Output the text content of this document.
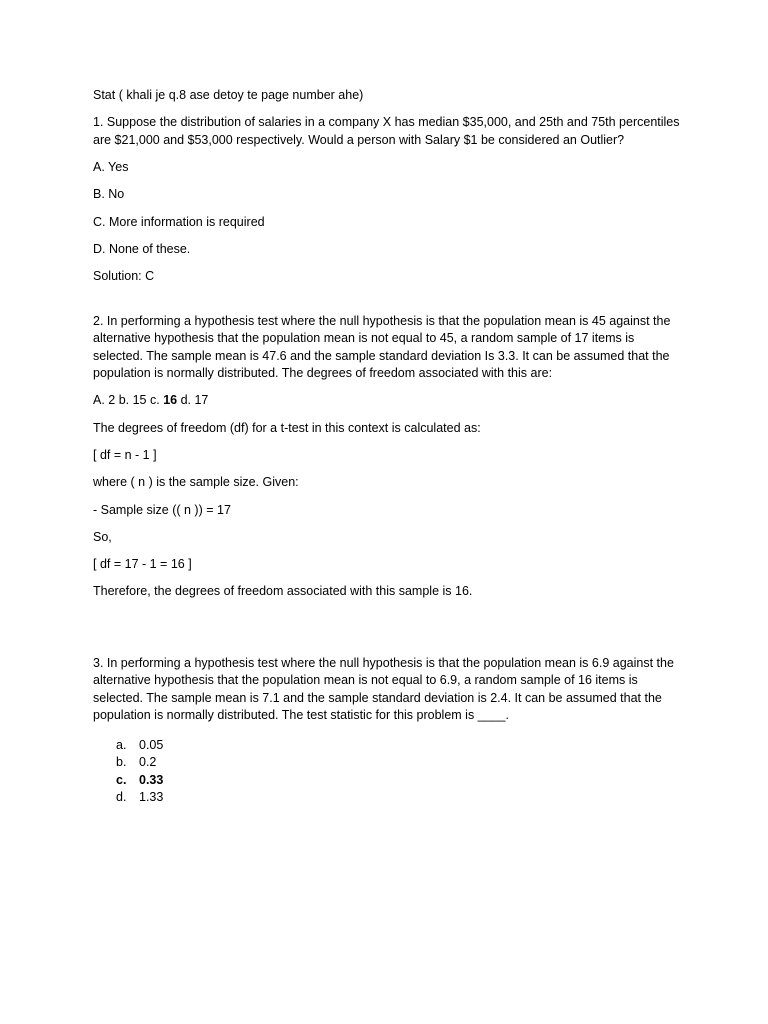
Stat ( khali je q.8 ase detoy te page number ahe)

1. Suppose the distribution of salaries in a company X has median $35,000, and 25th and 75th percentiles are $21,000 and $53,000 respectively. Would a person with Salary $1 be considered an Outlier?

A. Yes

B. No

C. More information is required

D. None of these.

Solution: C

2. In performing a hypothesis test where the null hypothesis is that the population mean is 45 against the alternative hypothesis that the population mean is not equal to 45, a random sample of 17 items is selected. The sample mean is 47.6 and the sample standard deviation Is 3.3. It can be assumed that the population is normally distributed. The degrees of freedom associated with this are:

A. 2 b. 15 c. 16 d. 17

The degrees of freedom (df) for a t-test in this context is calculated as:

[ df = n - 1 ]

where ( n ) is the sample size. Given:

- Sample size (( n )) = 17

So,

[ df = 17 - 1 = 16 ]

Therefore, the degrees of freedom associated with this sample is 16.

3. In performing a hypothesis test where the null hypothesis is that the population mean is 6.9 against the alternative hypothesis that the population mean is not equal to 6.9, a random sample of 16 items is selected. The sample mean is 7.1 and the sample standard deviation is 2.4. It can be assumed that the population is normally distributed. The test statistic for this problem is ____.

a.	0.05
b.	0.2
c.	0.33
d.	1.33
